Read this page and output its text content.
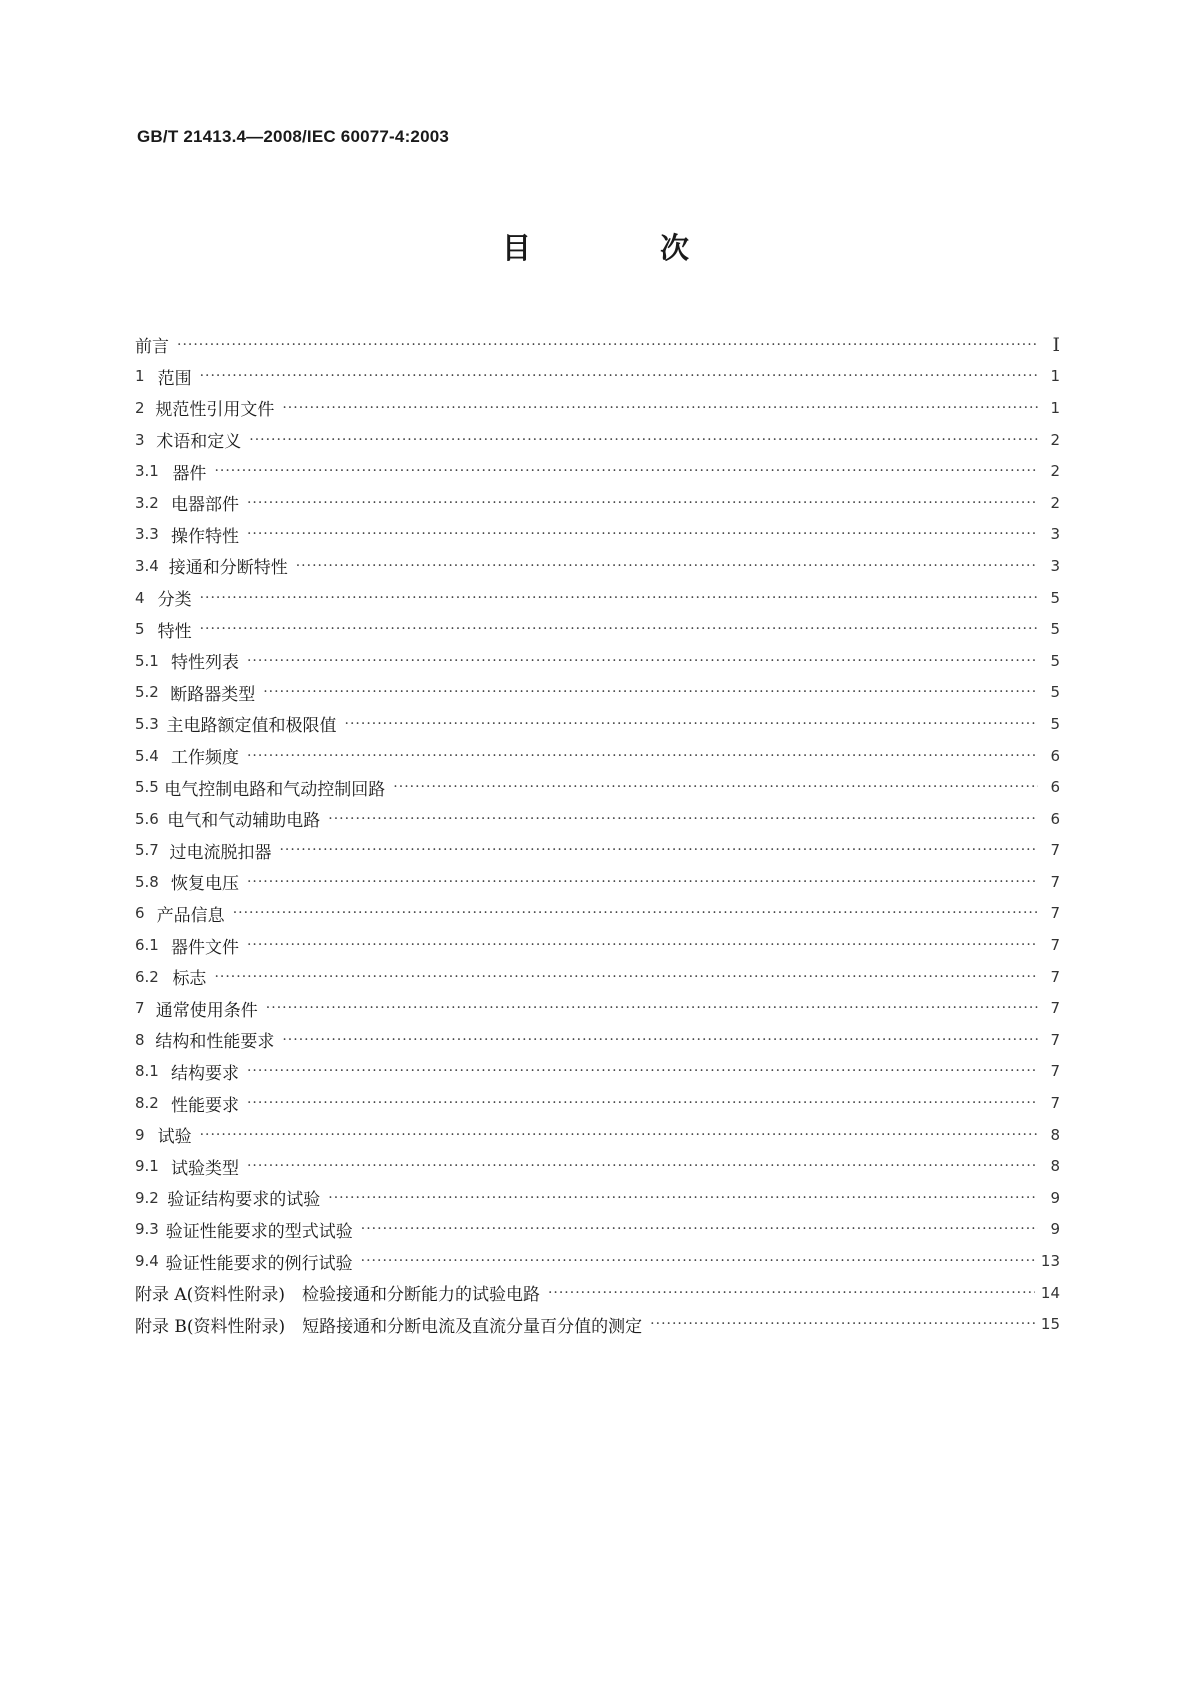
GB/T 21413.4—2008/IEC 60077-4:2003
目　次
前言 ·····	Ⅰ
1 范围 ·····	1
2 规范性引用文件 ·····	1
3 术语和定义 ·····	2
3.1 器件 ·····	2
3.2 电器部件 ·····	2
3.3 操作特性 ·····	3
3.4 接通和分断特性 ·····	3
4 分类 ·····	5
5 特性 ·····	5
5.1 特性列表 ·····	5
5.2 断路器类型 ·····	5
5.3 主电路额定值和极限值 ·····	5
5.4 工作频度 ·····	6
5.5 电气控制电路和气动控制回路 ·····	6
5.6 电气和气动辅助电路 ·····	6
5.7 过电流脱扣器 ·····	7
5.8 恢复电压 ·····	7
6 产品信息 ·····	7
6.1 器件文件 ·····	7
6.2 标志 ·····	7
7 通常使用条件 ·····	7
8 结构和性能要求 ·····	7
8.1 结构要求 ·····	7
8.2 性能要求 ·····	7
9 试验 ·····	8
9.1 试验类型 ·····	8
9.2 验证结构要求的试验 ·····	9
9.3 验证性能要求的型式试验 ·····	9
9.4 验证性能要求的例行试验 ·····	13
附录 A(资料性附录)　检验接通和分断能力的试验电路 ·····	14
附录 B(资料性附录)　短路接通和分断电流及直流分量百分值的测定 ·····	15
